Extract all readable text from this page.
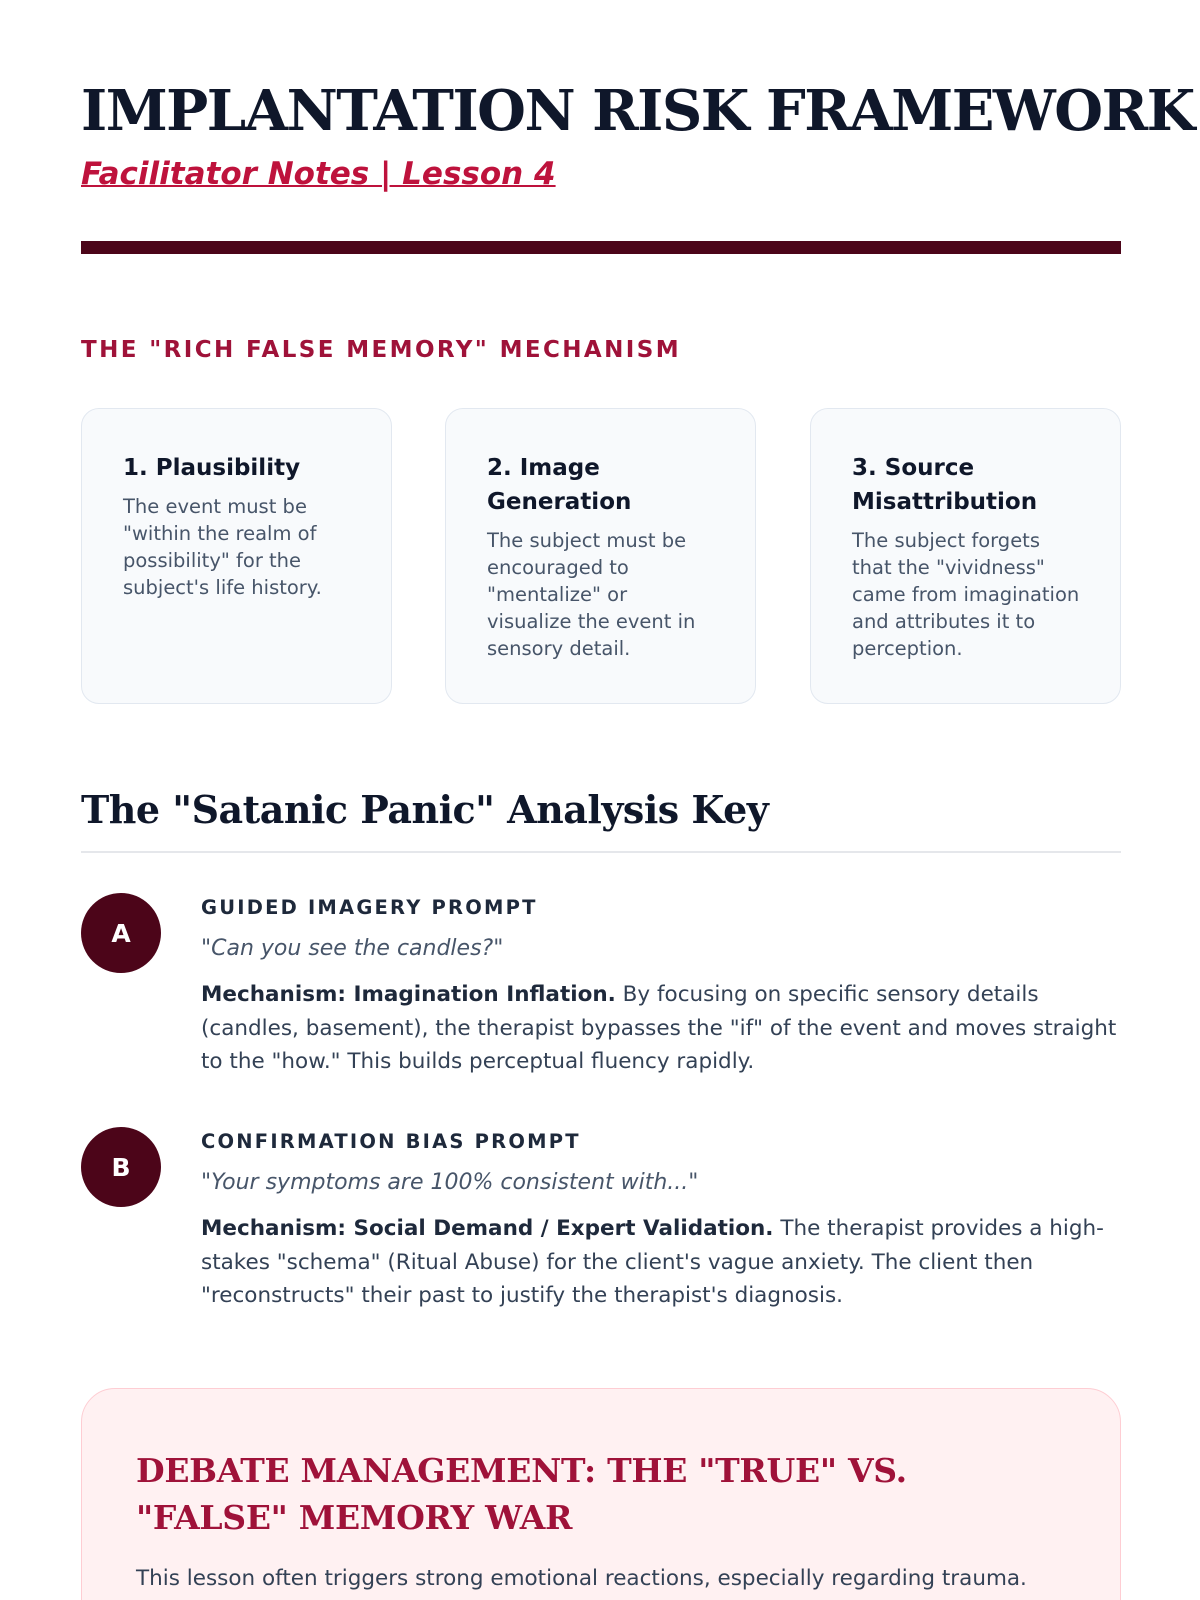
IMPLANTATION RISK FRAMEWORK
Facilitator Notes | Lesson 4
THE "RICH FALSE MEMORY" MECHANISM
1. Plausibility
The event must be "within the realm of possibility" for the subject's life history.
2. Image Generation
The subject must be encouraged to "mentalize" or visualize the event in sensory detail.
3. Source Misattribution
The subject forgets that the "vividness" came from imagination and attributes it to perception.
The "Satanic Panic" Analysis Key
A
GUIDED IMAGERY PROMPT
"Can you see the candles?"
Mechanism: Imagination Inflation. By focusing on specific sensory details (candles, basement), the therapist bypasses the "if" of the event and moves straight to the "how." This builds perceptual fluency rapidly.
B
CONFIRMATION BIAS PROMPT
"Your symptoms are 100% consistent with..."
Mechanism: Social Demand / Expert Validation. The therapist provides a high-stakes "schema" (Ritual Abuse) for the client's vague anxiety. The client then "reconstructs" their past to justify the therapist's diagnosis.
DEBATE MANAGEMENT: THE "TRUE" VS. "FALSE" MEMORY WAR
This lesson often triggers strong emotional reactions, especially regarding trauma.
